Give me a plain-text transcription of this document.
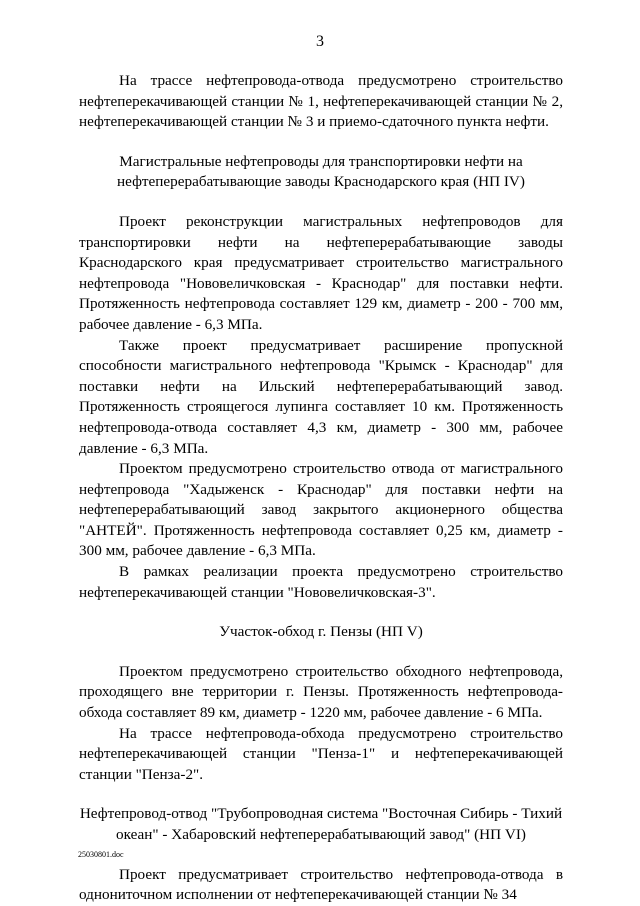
3

На трассе нефтепровода-отвода предусмотрено строительство нефтеперекачивающей станции № 1, нефтеперекачивающей станции № 2, нефтеперекачивающей станции № 3 и приемо-сдаточного пункта нефти.

Магистральные нефтепроводы для транспортировки нефти на нефтеперерабатывающие заводы Краснодарского края (НП IV)

Проект реконструкции магистральных нефтепроводов для транспортировки нефти на нефтеперерабатывающие заводы Краснодарского края предусматривает строительство магистрального нефтепровода "Нововеличковская - Краснодар" для поставки нефти. Протяженность нефтепровода составляет 129 км, диаметр - 200 - 700 мм, рабочее давление - 6,3 МПа.

Также проект предусматривает расширение пропускной способности магистрального нефтепровода "Крымск - Краснодар" для поставки нефти на Ильский нефтеперерабатывающий завод. Протяженность строящегося лупинга составляет 10 км. Протяженность нефтепровода-отвода составляет 4,3 км, диаметр - 300 мм, рабочее давление - 6,3 МПа.

Проектом предусмотрено строительство отвода от магистрального нефтепровода "Хадыженск - Краснодар" для поставки нефти на нефтеперерабатывающий завод закрытого акционерного общества "АНТЕЙ". Протяженность нефтепровода составляет 0,25 км, диаметр - 300 мм, рабочее давление - 6,3 МПа.

В рамках реализации проекта предусмотрено строительство нефтеперекачивающей станции "Нововеличковская-3".

Участок-обход г. Пензы (НП V)

Проектом предусмотрено строительство обходного нефтепровода, проходящего вне территории г. Пензы. Протяженность нефтепровода-обхода составляет 89 км, диаметр - 1220 мм, рабочее давление - 6 МПа.

На трассе нефтепровода-обхода предусмотрено строительство нефтеперекачивающей станции "Пенза-1" и нефтеперекачивающей станции "Пенза-2".

Нефтепровод-отвод "Трубопроводная система "Восточная Сибирь - Тихий океан" - Хабаровский нефтеперерабатывающий завод" (НП VI)

Проект предусматривает строительство нефтепровода-отвода в однониточном исполнении от нефтеперекачивающей станции № 34

25030801.doc
